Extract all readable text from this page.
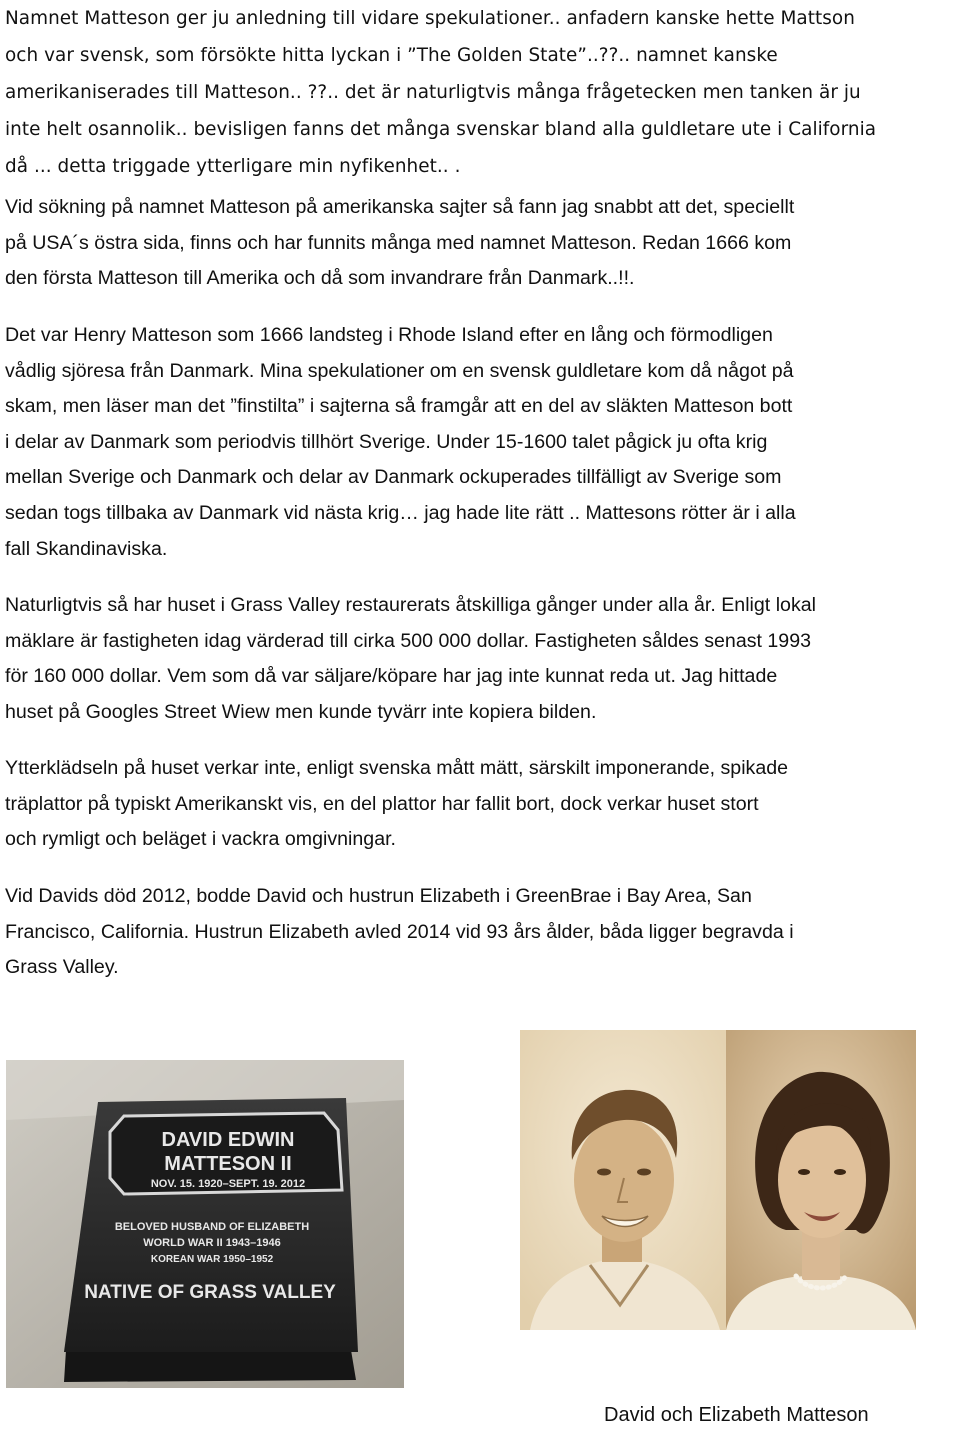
Namnet Matteson ger ju anledning till vidare spekulationer.. anfadern kanske hette Mattson
och var svensk, som försökte hitta lyckan i ”The Golden State”..??.. namnet kanske
amerikaniserades till Matteson.. ??.. det är naturligtvis många frågetecken men tanken är ju
inte helt osannolik.. bevisligen fanns det många svenskar bland alla guldletare ute i California
då ... detta triggade ytterligare min nyfikenhet.. .
Vid sökning på namnet Matteson på amerikanska sajter så fann jag snabbt att det, speciellt
på USA´s östra sida, finns och har funnits många med namnet Matteson. Redan 1666 kom
den första Matteson till Amerika och då som invandrare från Danmark..!!.
Det var Henry Matteson som 1666 landsteg i Rhode Island efter en lång och förmodligen
vådlig sjöresa från Danmark. Mina spekulationer om en svensk guldletare kom då något på
skam, men läser man det ”finstilta” i sajterna så framgår att en del av släkten Matteson bott
i delar av Danmark som periodvis tillhört Sverige. Under 15-1600 talet pågick ju ofta krig
mellan Sverige och Danmark och delar av Danmark ockuperades tillfälligt av Sverige som
sedan togs tillbaka av Danmark vid nästa krig… jag hade lite rätt .. Mattesons rötter är i alla
fall Skandinaviska.
Naturligtvis så har huset i Grass Valley restaurerats åtskilliga gånger under alla år. Enligt lokal
mäklare är fastigheten idag värderad till cirka 500 000 dollar. Fastigheten såldes senast 1993
för 160 000 dollar. Vem som då var säljare/köpare har jag inte kunnat reda ut. Jag hittade
huset på Googles Street Wiew men kunde tyvärr inte kopiera bilden.
Ytterklädseln på huset verkar inte, enligt svenska mått mätt, särskilt imponerande, spikade
träplattor på typiskt Amerikanskt vis, en del plattor har fallit bort, dock verkar huset stort
och rymligt och beläget i vackra omgivningar.
Vid Davids död 2012, bodde David och hustrun Elizabeth i GreenBrae i Bay Area, San
Francisco, California. Hustrun Elizabeth avled 2014 vid 93 års ålder, båda ligger begravda i
Grass Valley.
DAVID EDWIN
MATTESON II
NOV. 15. 1920–SEPT. 19. 2012
BELOVED HUSBAND OF ELIZABETH
WORLD WAR II 1943–1946
KOREAN WAR 1950–1952
NATIVE OF GRASS VALLEY

David och Elizabeth Matteson
